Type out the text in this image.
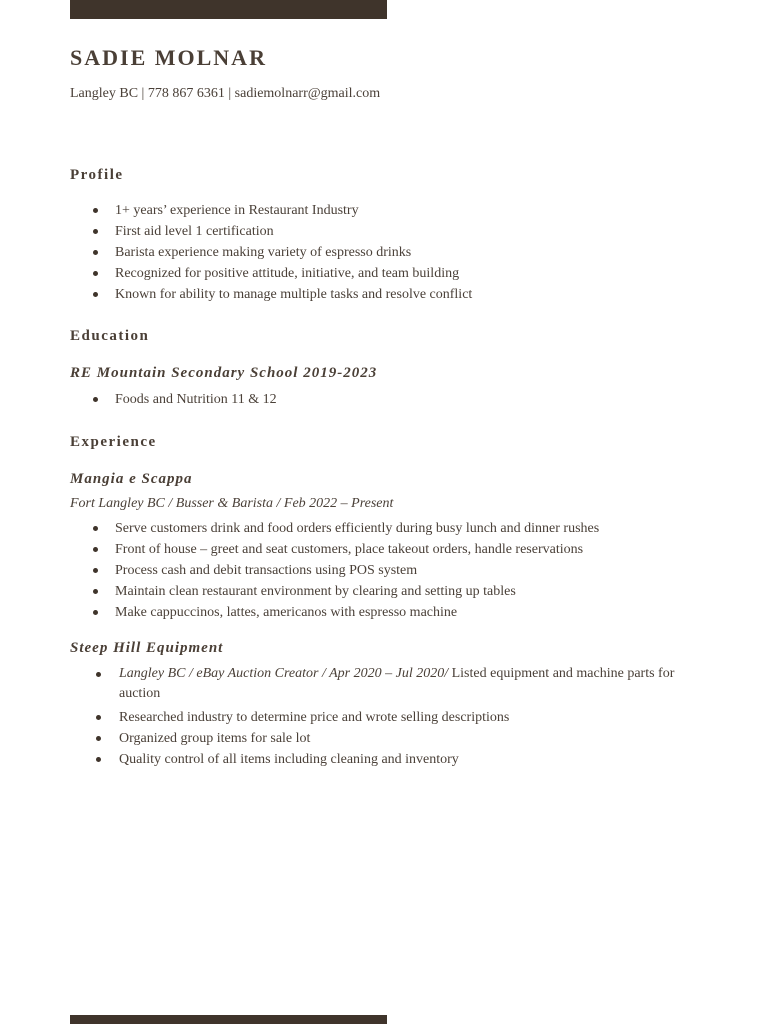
SADIE MOLNAR
Langley BC | 778 867 6361 | sadiemolnarr@gmail.com
Profile
1+ years’ experience in Restaurant Industry
First aid level 1 certification
Barista experience making variety of espresso drinks
Recognized for positive attitude, initiative, and team building
Known for ability to manage multiple tasks and resolve conflict
Education
RE Mountain Secondary School 2019-2023
Foods and Nutrition 11 & 12
Experience
Mangia e Scappa
Fort Langley BC / Busser & Barista / Feb 2022 – Present
Serve customers drink and food orders efficiently during busy lunch and dinner rushes
Front of house – greet and seat customers, place takeout orders, handle reservations
Process cash and debit transactions using POS system
Maintain clean restaurant environment by clearing and setting up tables
Make cappuccinos, lattes, americanos with espresso machine
Steep Hill Equipment
Langley BC / eBay Auction Creator / Apr 2020 – Jul 2020/ Listed equipment and machine parts for auction
Researched industry to determine price and wrote selling descriptions
Organized group items for sale lot
Quality control of all items including cleaning and inventory
